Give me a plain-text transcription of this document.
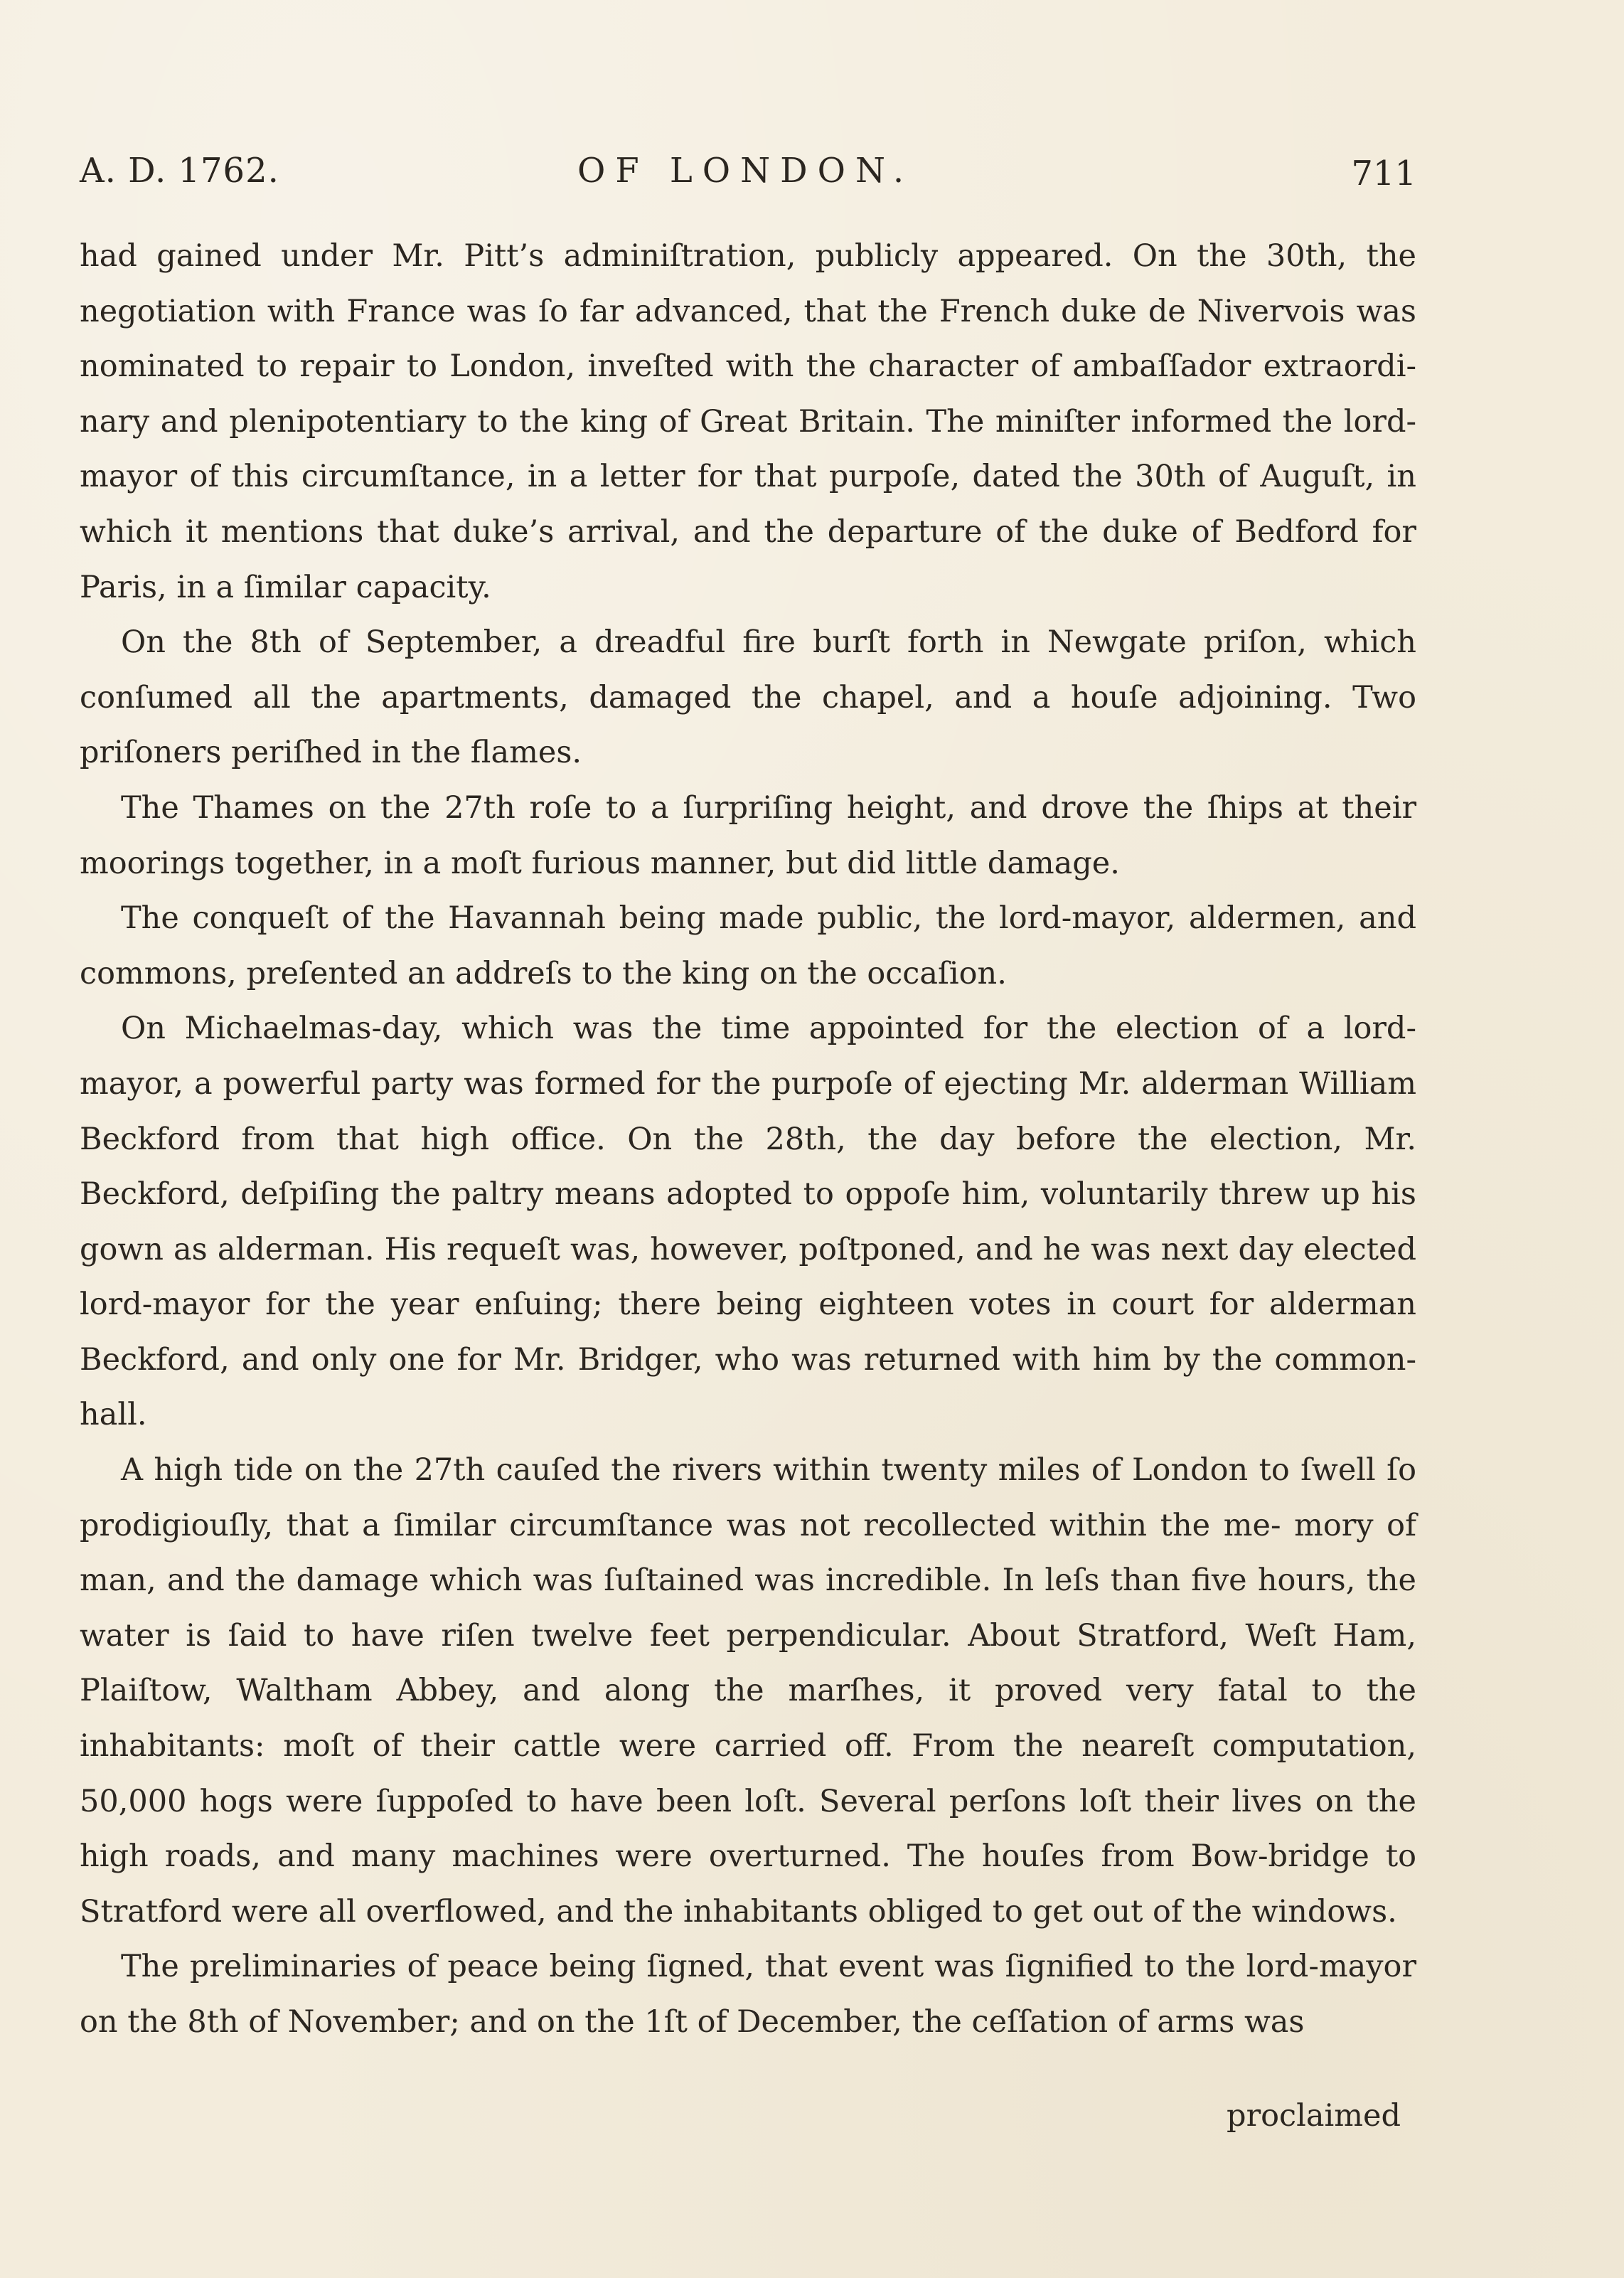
A. D. 1762.	OF LONDON.	711

had gained under Mr. Pitt’s adminiſtration, publicly appeared. On the 30th, the negotiation with France was ſo far advanced, that the French duke de Nivervois was nominated to repair to London, inveſted with the character of ambaſſador extraordi- nary and plenipotentiary to the king of Great Britain. The miniſter informed the lord-mayor of this circumſtance, in a letter for that purpoſe, dated the 30th of Auguſt, in which it mentions that duke’s arrival, and the departure of the duke of Bedford for Paris, in a ſimilar capacity.

On the 8th of September, a dreadful fire burſt forth in Newgate priſon, which conſumed all the apartments, damaged the chapel, and a houſe adjoining. Two priſoners periſhed in the flames.

The Thames on the 27th roſe to a ſurpriſing height, and drove the ſhips at their moorings together, in a moſt furious manner, but did little damage.

The conqueſt of the Havannah being made public, the lord-mayor, aldermen, and commons, preſented an addreſs to the king on the occaſion.

On Michaelmas-day, which was the time appointed for the election of a lord- mayor, a powerful party was formed for the purpoſe of ejecting Mr. alderman William Beckford from that high office. On the 28th, the day before the election, Mr. Beckford, deſpiſing the paltry means adopted to oppoſe him, voluntarily threw up his gown as alderman. His requeſt was, however, poſtponed, and he was next day elected lord-mayor for the year enſuing; there being eighteen votes in court for alderman Beckford, and only one for Mr. Bridger, who was returned with him by the common-hall.

A high tide on the 27th cauſed the rivers within twenty miles of London to ſwell ſo prodigiouſly, that a ſimilar circumſtance was not recollected within the me- mory of man, and the damage which was ſuſtained was incredible. In leſs than five hours, the water is ſaid to have riſen twelve feet perpendicular. About Stratford, Weſt Ham, Plaiſtow, Waltham Abbey, and along the marſhes, it proved very fatal to the inhabitants: moſt of their cattle were carried off. From the neareſt computation, 50,000 hogs were ſuppoſed to have been loſt. Several perſons loſt their lives on the high roads, and many machines were overturned. The houſes from Bow-bridge to Stratford were all overflowed, and the inhabitants obliged to get out of the windows.

The preliminaries of peace being ſigned, that event was ſignified to the lord-mayor on the 8th of November; and on the 1ſt of December, the ceſſation of arms was

proclaimed
